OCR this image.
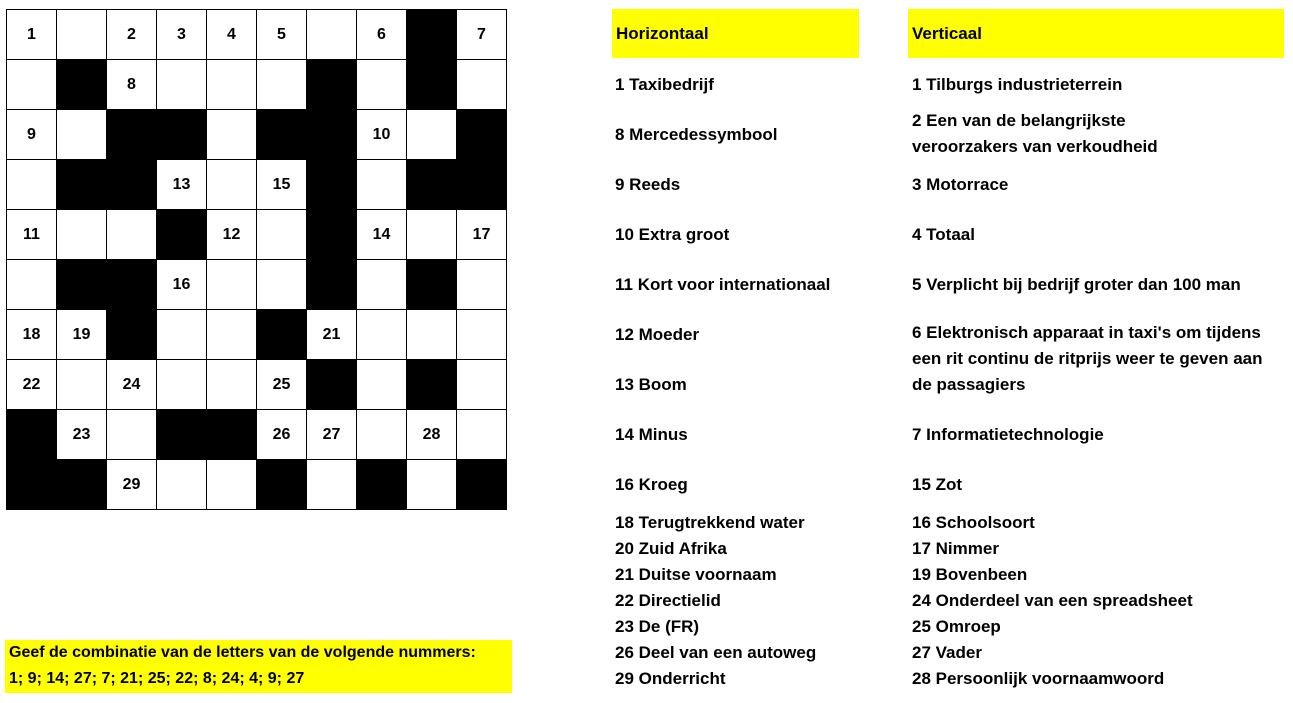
1	2	3	4	5	6	7
8
9	10
13	15
11	12	14	17
16
18	19	21
22	24	25
23	26	27	28
29
Horizontaal	Verticaal
1 Taxibedrijf
8 Mercedessymbool
9 Reeds
10 Extra groot
11 Kort voor internationaal
12 Moeder
13 Boom
14 Minus
16 Kroeg
18 Terugtrekkend water
20 Zuid Afrika
21 Duitse voornaam
22 Directielid
23 De (FR)
26 Deel van een autoweg
29 Onderricht
1 Tilburgs industrieterrein
2 Een van de belangrijkste veroorzakers van verkoudheid
3 Motorrace
4 Totaal
5 Verplicht bij bedrijf groter dan 100 man
6 Elektronisch apparaat in taxi's om tijdens een rit continu de ritprijs weer te geven aan de passagiers
7 Informatietechnologie
15 Zot
16 Schoolsoort
17 Nimmer
19 Bovenbeen
24 Onderdeel van een spreadsheet
25 Omroep
27 Vader
28 Persoonlijk voornaamwoord
Geef de combinatie van de letters van de volgende nummers:
1; 9; 14; 27; 7; 21; 25; 22; 8; 24; 4; 9; 27
